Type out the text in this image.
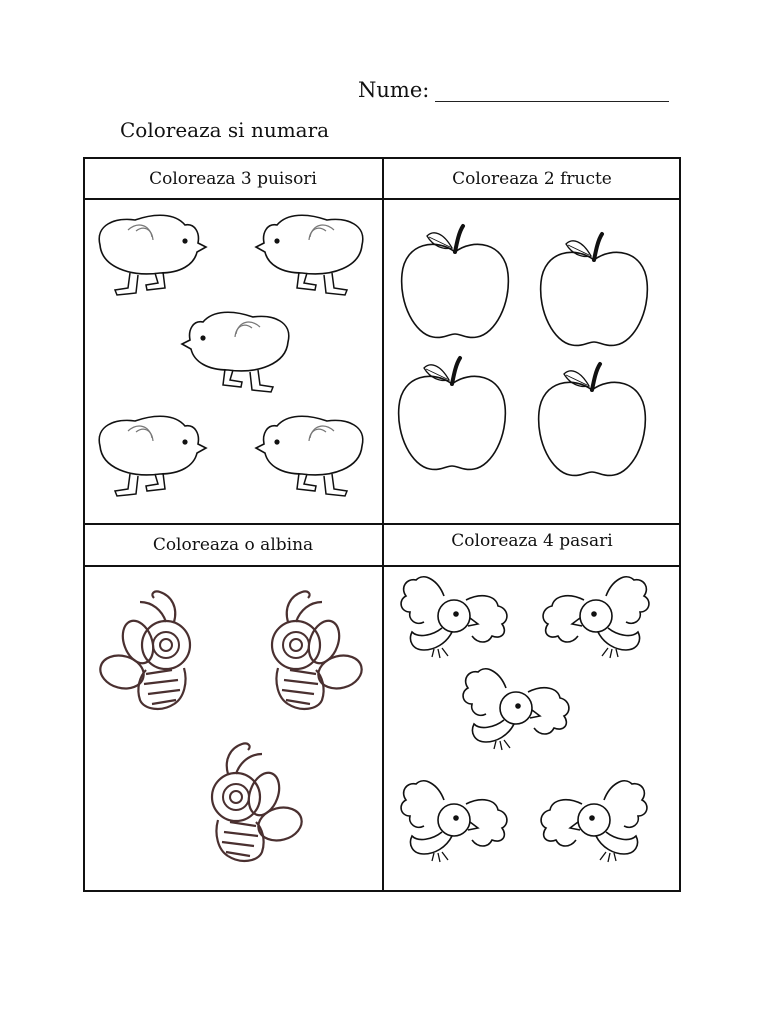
Nume:
Coloreaza si numara
Coloreaza 3 puisori	Coloreaza 2 fructe
Coloreaza o albina	Coloreaza 4 pasari
